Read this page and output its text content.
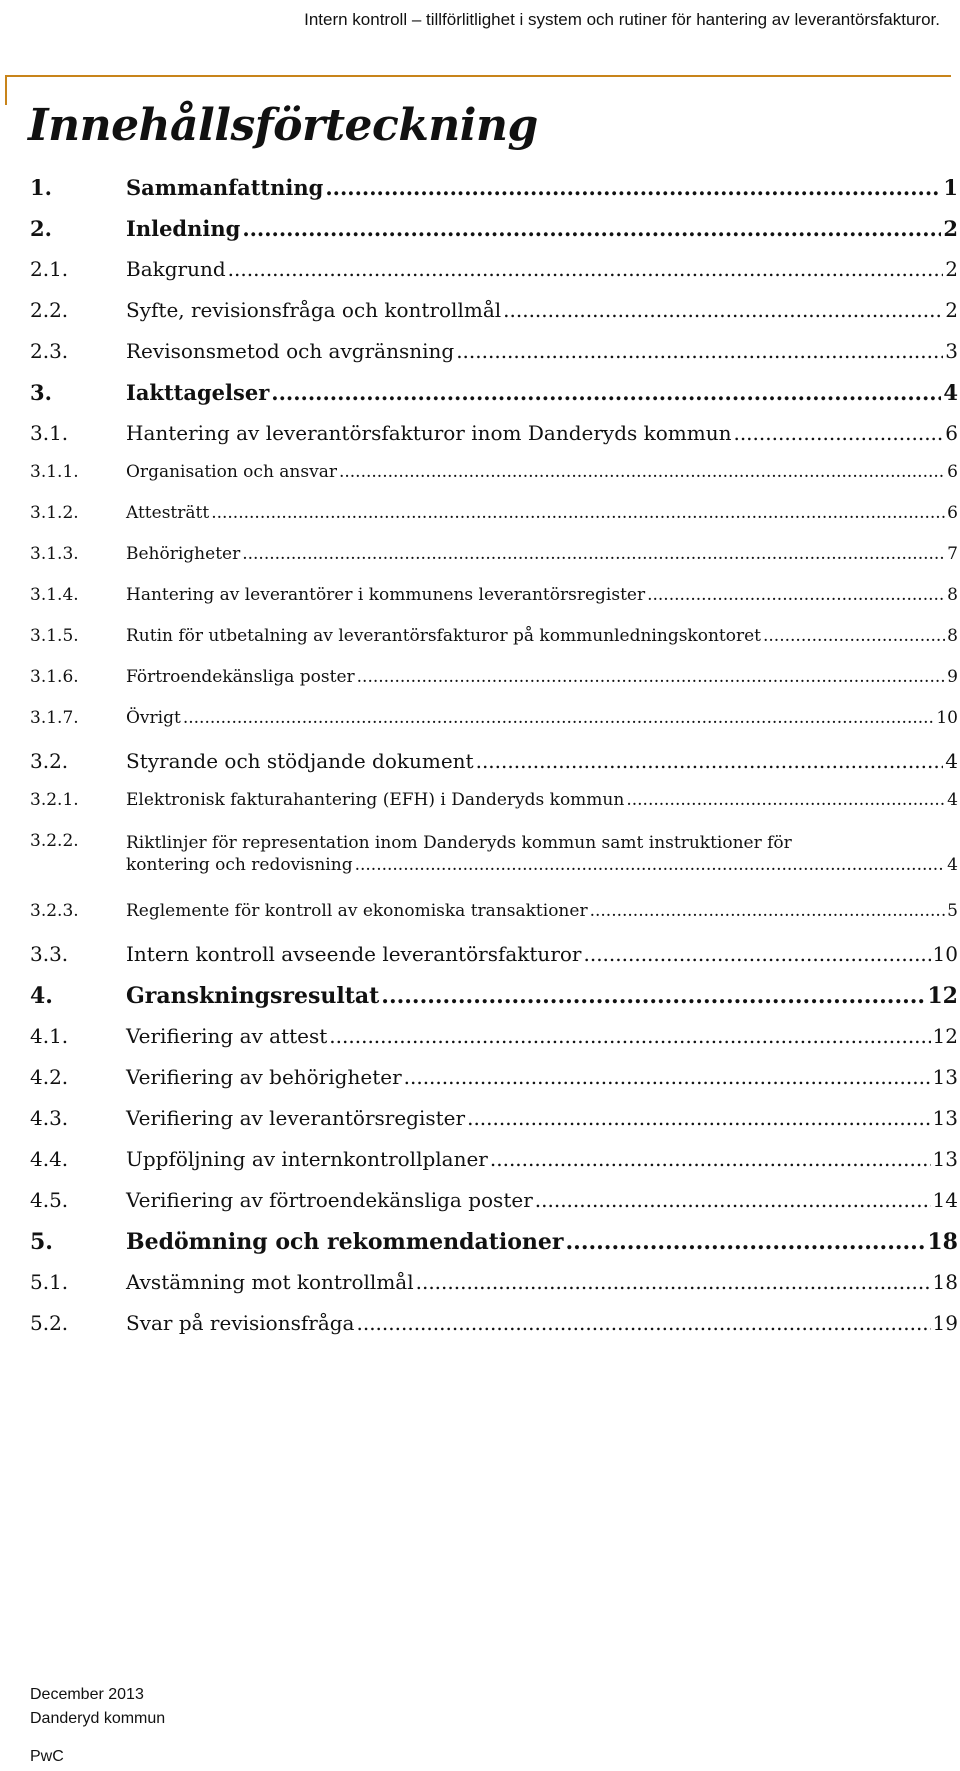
Intern kontroll – tillförlitlighet i system och rutiner för hantering av leverantörsfakturor.
Innehållsförteckning
1.	Sammanfattning .....	1
2.	Inledning .....	2
2.1.	Bakgrund .....	2
2.2.	Syfte, revisionsfråga och kontrollmål .....	2
2.3.	Revisonsmetod och avgränsning .....	3
3.	Iakttagelser .....	4
3.1.	Hantering av leverantörsfakturor inom Danderyds kommun .....	6
3.1.1.	Organisation och ansvar .....	6
3.1.2.	Attesträtt .....	6
3.1.3.	Behörigheter .....	7
3.1.4.	Hantering av leverantörer i kommunens leverantörsregister .....	8
3.1.5.	Rutin för utbetalning av leverantörsfakturor på kommunledningskontoret .....	8
3.1.6.	Förtroendekänsliga poster .....	9
3.1.7.	Övrigt .....	10
3.2.	Styrande och stödjande dokument .....	4
3.2.1.	Elektronisk fakturahantering (EFH) i Danderyds kommun .....	4
3.2.2.	Riktlinjer för representation inom Danderyds kommun samt instruktioner för
kontering och redovisning .....	4
3.2.3.	Reglemente för kontroll av ekonomiska transaktioner .....	5
3.3.	Intern kontroll avseende leverantörsfakturor .....	10
4.	Granskningsresultat .....	12
4.1.	Verifiering av attest .....	12
4.2.	Verifiering av behörigheter .....	13
4.3.	Verifiering av leverantörsregister .....	13
4.4.	Uppföljning av internkontrollplaner .....	13
4.5.	Verifiering av förtroendekänsliga poster .....	14
5.	Bedömning och rekommendationer .....	18
5.1.	Avstämning mot kontrollmål .....	18
5.2.	Svar på revisionsfråga .....	19
December 2013
Danderyd kommun
PwC
